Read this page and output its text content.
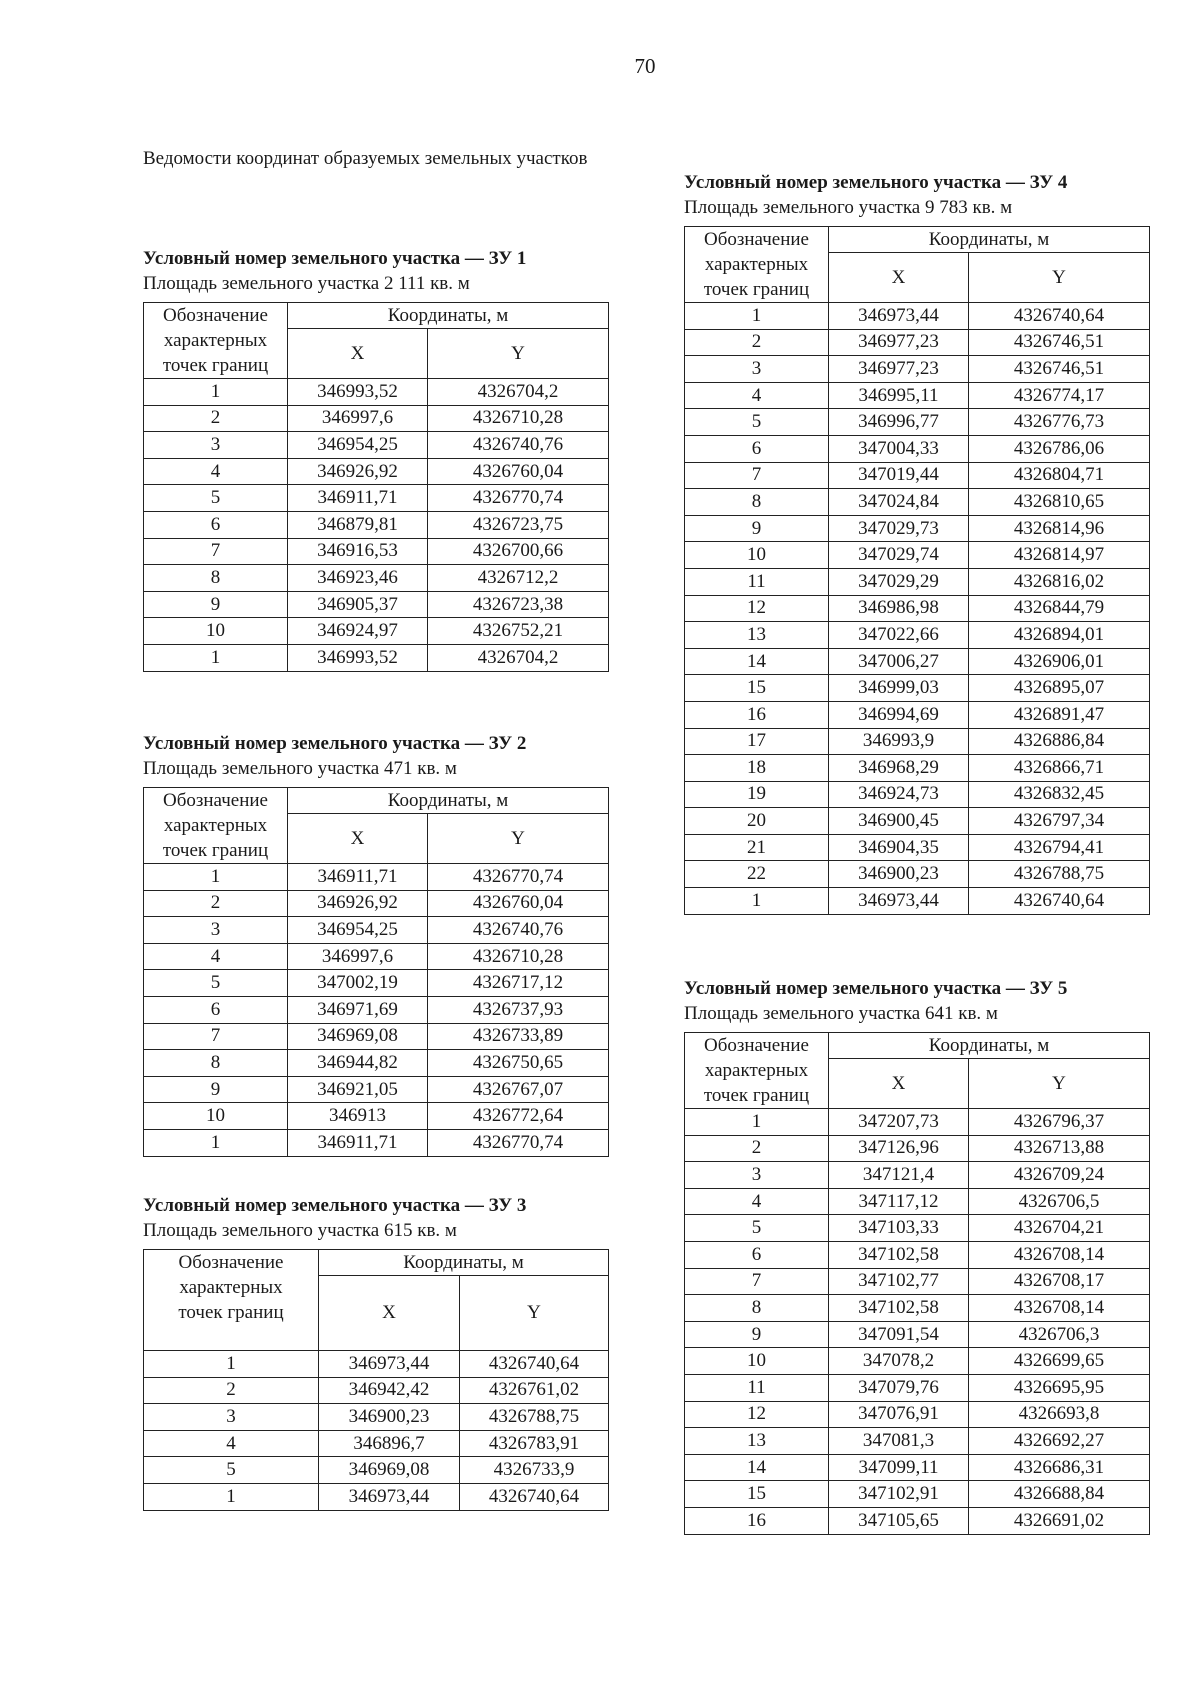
70
Ведомости координат образуемых земельных участков
Условный номер земельного участка — ЗУ 1
Площадь земельного участка 2 111 кв. м
Обозначение характерных точек границ	Координаты, м	
	X	Y
1	346993,52	4326704,2
2	346997,6	4326710,28
3	346954,25	4326740,76
4	346926,92	4326760,04
5	346911,71	4326770,74
6	346879,81	4326723,75
7	346916,53	4326700,66
8	346923,46	4326712,2
9	346905,37	4326723,38
10	346924,97	4326752,21
1	346993,52	4326704,2
Условный номер земельного участка — ЗУ 2
Площадь земельного участка 471 кв. м
Обозначение характерных точек границ	Координаты, м	
	X	Y
1	346911,71	4326770,74
2	346926,92	4326760,04
3	346954,25	4326740,76
4	346997,6	4326710,28
5	347002,19	4326717,12
6	346971,69	4326737,93
7	346969,08	4326733,89
8	346944,82	4326750,65
9	346921,05	4326767,07
10	346913	4326772,64
1	346911,71	4326770,74
Условный номер земельного участка — ЗУ 3
Площадь земельного участка 615 кв. м
Обозначение характерных точек границ	Координаты, м	
	X	Y
1	346973,44	4326740,64
2	346942,42	4326761,02
3	346900,23	4326788,75
4	346896,7	4326783,91
5	346969,08	4326733,9
1	346973,44	4326740,64
Условный номер земельного участка — ЗУ 4
Площадь земельного участка 9 783 кв. м
Обозначение характерных точек границ	Координаты, м	
	X	Y
1	346973,44	4326740,64
2	346977,23	4326746,51
3	346977,23	4326746,51
4	346995,11	4326774,17
5	346996,77	4326776,73
6	347004,33	4326786,06
7	347019,44	4326804,71
8	347024,84	4326810,65
9	347029,73	4326814,96
10	347029,74	4326814,97
11	347029,29	4326816,02
12	346986,98	4326844,79
13	347022,66	4326894,01
14	347006,27	4326906,01
15	346999,03	4326895,07
16	346994,69	4326891,47
17	346993,9	4326886,84
18	346968,29	4326866,71
19	346924,73	4326832,45
20	346900,45	4326797,34
21	346904,35	4326794,41
22	346900,23	4326788,75
1	346973,44	4326740,64
Условный номер земельного участка — ЗУ 5
Площадь земельного участка 641 кв. м
Обозначение характерных точек границ	Координаты, м	
	X	Y
1	347207,73	4326796,37
2	347126,96	4326713,88
3	347121,4	4326709,24
4	347117,12	4326706,5
5	347103,33	4326704,21
6	347102,58	4326708,14
7	347102,77	4326708,17
8	347102,58	4326708,14
9	347091,54	4326706,3
10	347078,2	4326699,65
11	347079,76	4326695,95
12	347076,91	4326693,8
13	347081,3	4326692,27
14	347099,11	4326686,31
15	347102,91	4326688,84
16	347105,65	4326691,02
